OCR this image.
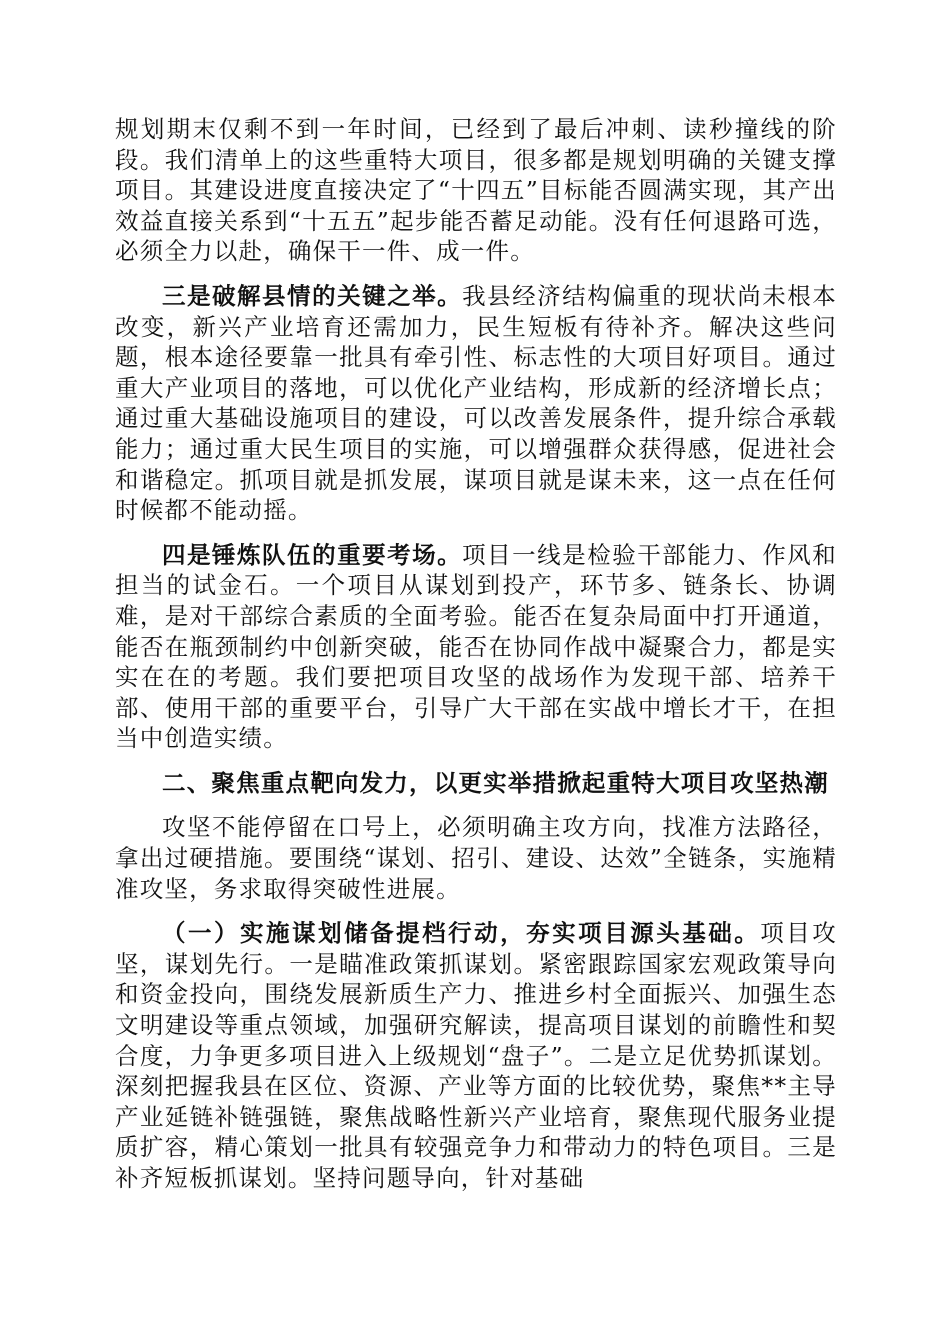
规划期末仅剩不到一年时间，已经到了最后冲刺、读秒撞线的阶段。我们清单上的这些重特大项目，很多都是规划明确的关键支撑项目。其建设进度直接决定了“十四五”目标能否圆满实现，其产出效益直接关系到“十五五”起步能否蓄足动能。没有任何退路可选，必须全力以赴，确保干一件、成一件。

三是破解县情的关键之举。我县经济结构偏重的现状尚未根本改变，新兴产业培育还需加力，民生短板有待补齐。解决这些问题，根本途径要靠一批具有牵引性、标志性的大项目好项目。通过重大产业项目的落地，可以优化产业结构，形成新的经济增长点；通过重大基础设施项目的建设，可以改善发展条件，提升综合承载能力；通过重大民生项目的实施，可以增强群众获得感，促进社会和谐稳定。抓项目就是抓发展，谋项目就是谋未来，这一点在任何时候都不能动摇。

四是锤炼队伍的重要考场。项目一线是检验干部能力、作风和担当的试金石。一个项目从谋划到投产，环节多、链条长、协调难，是对干部综合素质的全面考验。能否在复杂局面中打开通道，能否在瓶颈制约中创新突破，能否在协同作战中凝聚合力，都是实实在在的考题。我们要把项目攻坚的战场作为发现干部、培养干部、使用干部的重要平台，引导广大干部在实战中增长才干，在担当中创造实绩。

二、聚焦重点靶向发力，以更实举措掀起重特大项目攻坚热潮

攻坚不能停留在口号上，必须明确主攻方向，找准方法路径，拿出过硬措施。要围绕“谋划、招引、建设、达效”全链条，实施精准攻坚，务求取得突破性进展。

（一）实施谋划储备提档行动，夯实项目源头基础。项目攻坚，谋划先行。一是瞄准政策抓谋划。紧密跟踪国家宏观政策导向和资金投向，围绕发展新质生产力、推进乡村全面振兴、加强生态文明建设等重点领域，加强研究解读，提高项目谋划的前瞻性和契合度，力争更多项目进入上级规划“盘子”。二是立足优势抓谋划。深刻把握我县在区位、资源、产业等方面的比较优势，聚焦**主导产业延链补链强链，聚焦战略性新兴产业培育，聚焦现代服务业提质扩容，精心策划一批具有较强竞争力和带动力的特色项目。三是补齐短板抓谋划。坚持问题导向，针对基础
